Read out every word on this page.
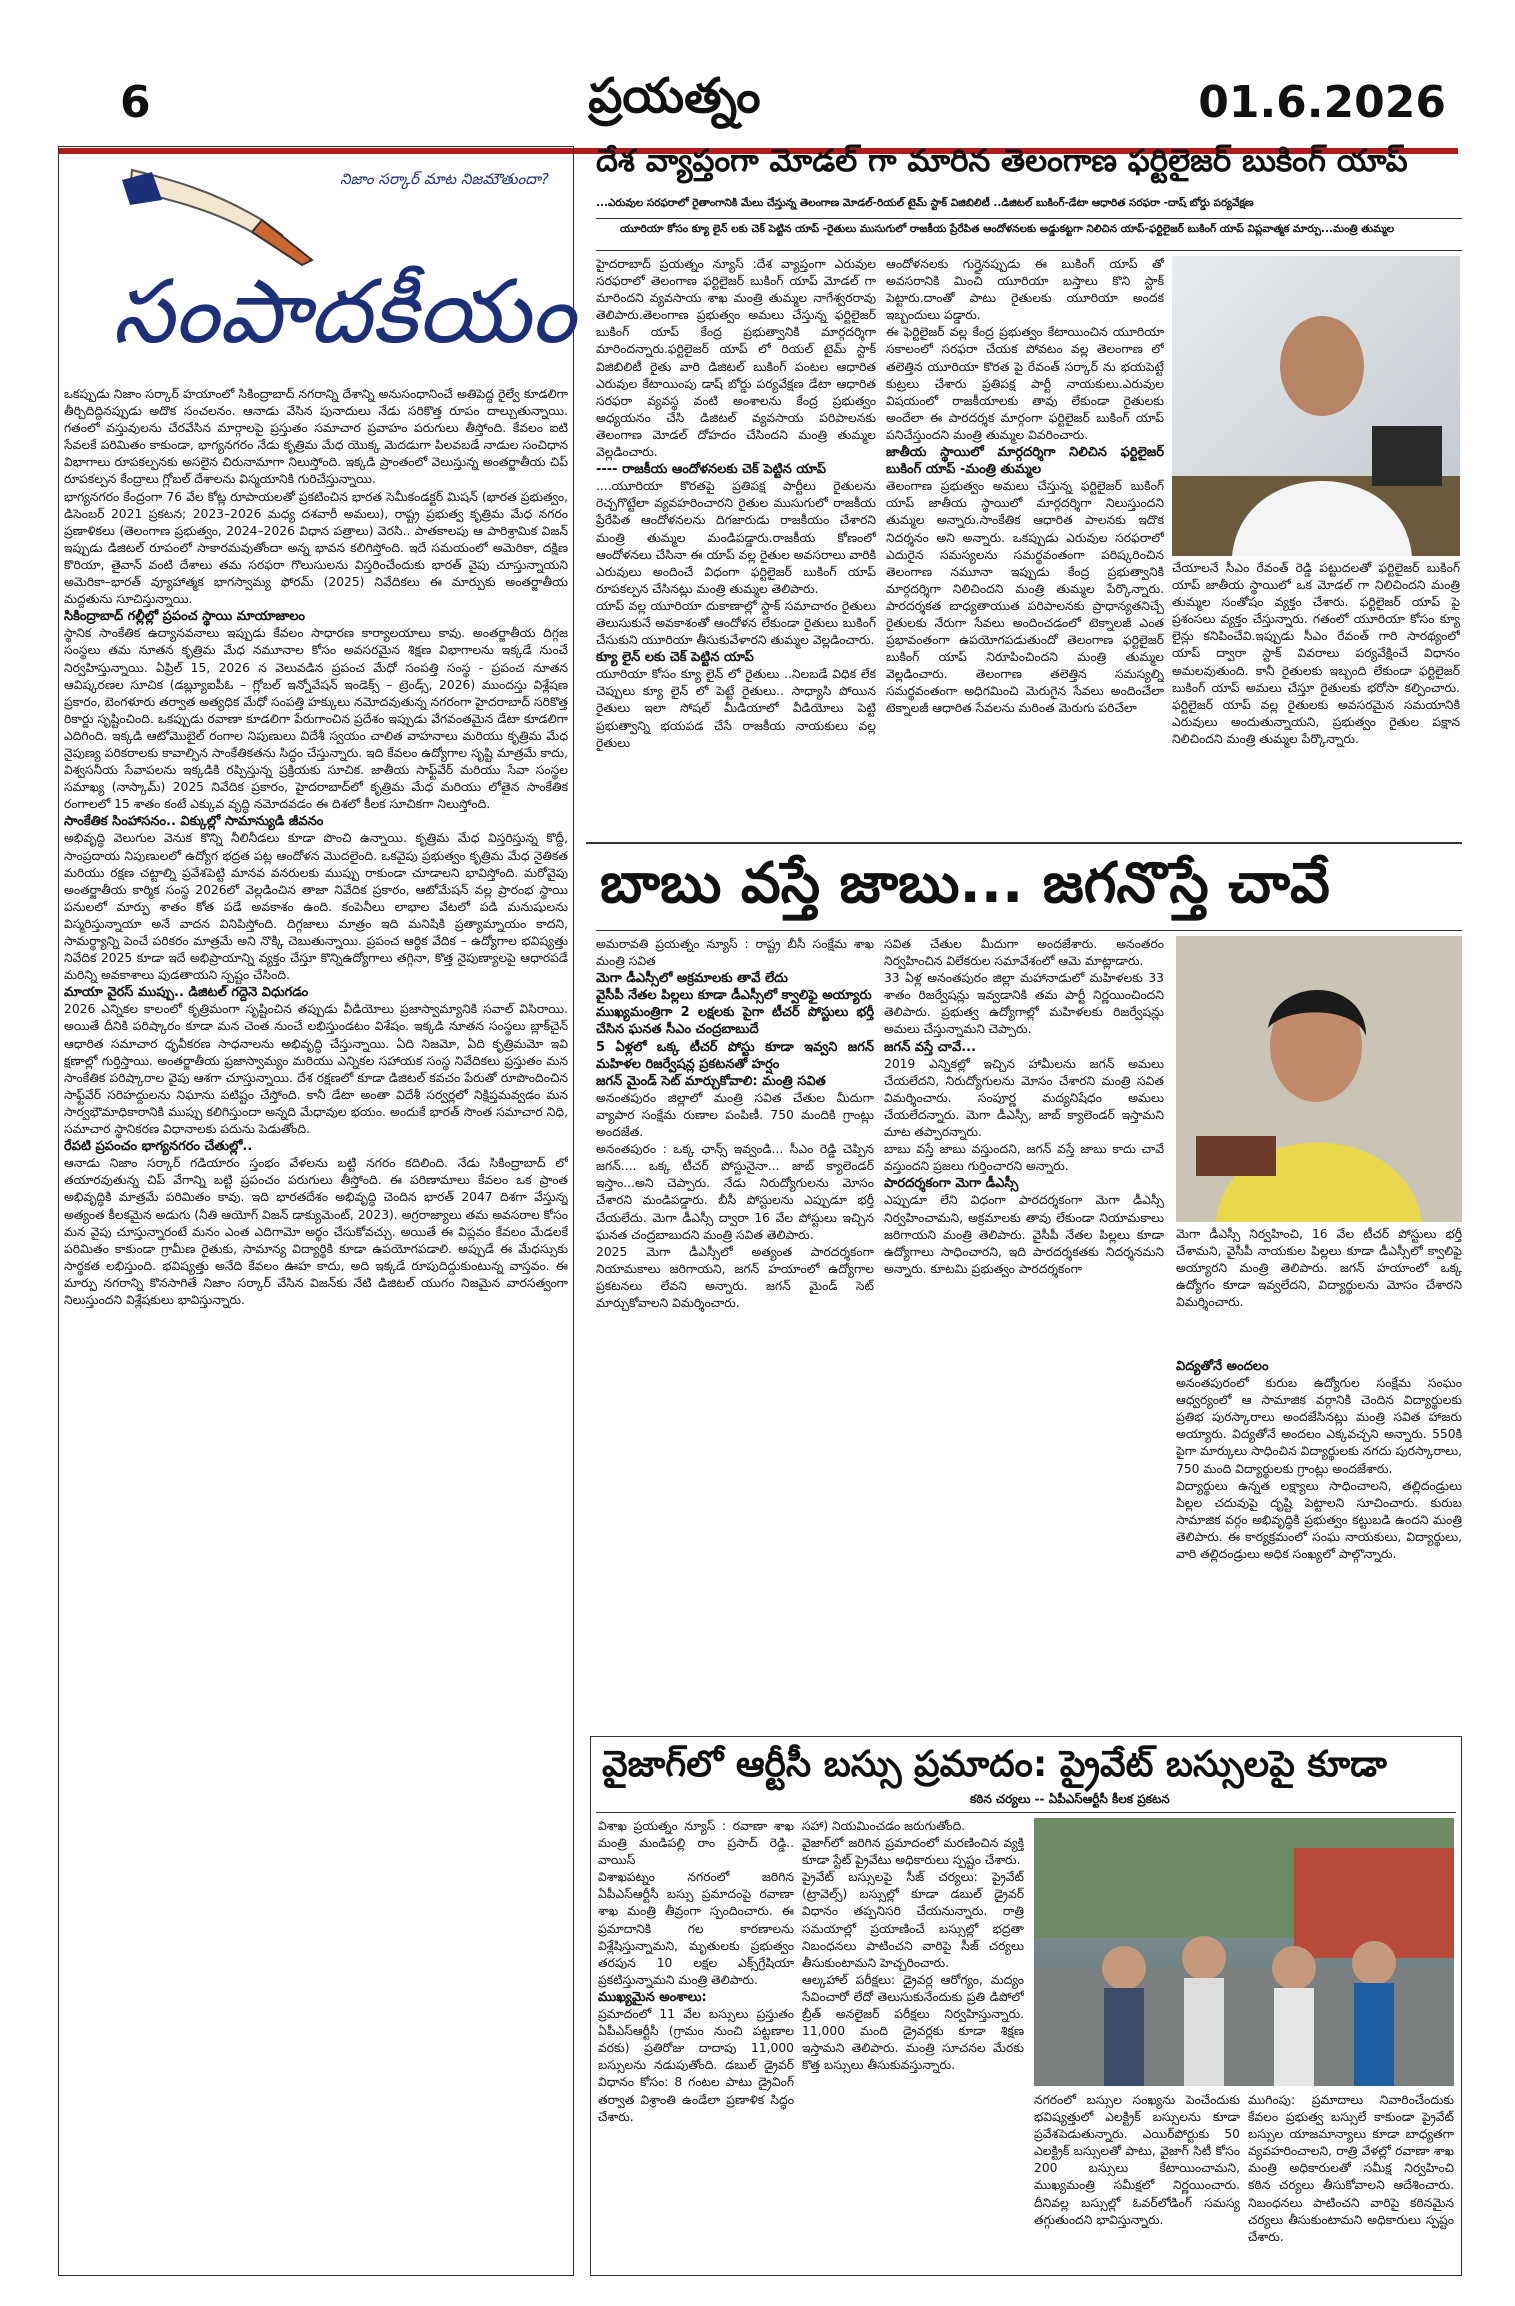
6	ప్రయత్నం	01.6.2026
నిజాం సర్కార్ మాట నిజమౌతుందా?
సంపాదకీయం
ఒకప్పుడు నిజాం సర్కార్ హయాంలో సికింద్రాబాద్ నగరాన్ని దేశాన్ని అనుసంధానించే అతిపెద్ద రైల్వే కూడలిగా తీర్చిదిద్దినప్పుడు అదొక సంచలనం. ఆనాడు వేసిన పునాదులు నేడు సరికొత్త రూపం దాల్చుతున్నాయి. గతంలో వస్తువులను చేరవేసిన మార్గాలపై ప్రస్తుతం సమాచార ప్రవాహం పరుగులు తీస్తోంది. కేవలం ఐటి సేవలకే పరిమితం కాకుండా, భాగ్యనగరం నేడు కృత్రిమ మేధ యొక్క మెదడుగా పిలవబడే నాడుల సంచిధాన విభాగాలు రూపకల్పనకు అసలైన చిరునామాగా నిలుస్తోంది. ఇక్కడి ప్రాంతంలో వెలుస్తున్న అంతర్జాతీయ చిప్ రూపకల్పన కేంద్రాలు గ్లోబల్ దేశాలను విస్మయానికి గురిచేస్తున్నాయి.
భాగ్యనగరం కేంద్రంగా 76 వేల కోట్ల రూపాయలతో ప్రకటించిన భారత సెమీకండక్టర్ మిషన్ (భారత ప్రభుత్వం, డిసెంబర్ 2021 ప్రకటన; 2023–2026 మధ్య దశవారీ అమలు), రాష్ట్ర ప్రభుత్వ కృత్రిమ మేధ నగరం ప్రణాళికలు (తెలంగాణ ప్రభుత్వం, 2024–2026 విధాన పత్రాలు) వెరసి.. పాతకాలపు ఆ పారిశ్రామిక విజన్ ఇప్పుడు డిజిటల్ రూపంలో సాకారమవుతోందా అన్న భావన కలిగిస్తోంది. ఇదే సమయంలో అమెరికా, దక్షిణ కొరియా, తైవాన్ వంటి దేశాలు తమ సరఫరా గొలుసులను విస్తరించేందుకు భారత్ వైపు చూస్తున్నాయని అమెరికా–భారత్ వ్యూహాత్మక భాగస్వామ్య ఫోరమ్ (2025) నివేదికలు ఈ మార్పుకు అంతర్జాతీయ మద్దతును సూచిస్తున్నాయి.
సికింద్రాబాద్ గల్లీల్లో ప్రపంచ స్థాయి మాయాజాలం
స్థానిక సాంకేతిక ఉద్యానవనాలు ఇప్పుడు కేవలం సాధారణ కార్యాలయాలు కావు. అంతర్జాతీయ దిగ్గజ సంస్థలు తమ నూతన కృత్రిమ మేధ నమూనాల కోసం అవసరమైన శిక్షణ విభాగాలను ఇక్కడే నుంచే నిర్వహిస్తున్నాయి. ఏప్రిల్ 15, 2026 న వెలువడిన ప్రపంచ మేధో సంపత్తి సంస్థ - ప్రపంచ నూతన ఆవిష్కరణల సూచిక (డబ్ల్యూఐపీఓ – గ్లోబల్ ఇన్నోవేషన్ ఇండెక్స్ – ట్రెండ్స్, 2026) ముందస్తు విశ్లేషణ ప్రకారం, బెంగళూరు తర్వాత అత్యధిక మేధో సంపత్తి హక్కులు నమోదవుతున్న నగరంగా హైదరాబాద్ సరికొత్త రికార్డు సృష్టించింది. ఒకప్పుడు రవాణా కూడలిగా పేరుగాంచిన ప్రదేశం ఇప్పుడు వేగవంతమైన డేటా కూడలిగా ఎదిగింది. ఇక్కడి ఆటోమొబైల్ రంగాల నిపుణులు విదేశీ స్వయం చాలిత వాహనాలు మరియు కృత్రిమ మేధ నైపుణ్య పరికరాలకు కావాల్సిన సాంకేతికతను సిద్ధం చేస్తున్నారు. ఇది కేవలం ఉద్యోగాల సృష్టి మాత్రమే కాదు, విశ్వసనీయ సేవాపలను ఇక్కడికి రప్పిస్తున్న ప్రక్రియకు సూచిక. జాతీయ సాఫ్ట్‌వేర్ మరియు సేవా సంస్థల సమాఖ్య (నాస్కామ్) 2025 నివేదిక ప్రకారం, హైదరాబాద్‌లో కృత్రిమ మేధ మరియు లోతైన సాంకేతిక రంగాలలో 15 శాతం కంటే ఎక్కువ వృద్ధి నమోదవడం ఈ దిశలో కీలక సూచికగా నిలుస్తోంది.
సాంకేతిక సింహాసనం.. విక్కుల్లో సామాన్యుడి జీవనం
అభివృద్ధి వెలుగుల వెనుక కొన్ని నీలినీడలు కూడా పొంచి ఉన్నాయి. కృత్రిమ మేధ విస్తరిస్తున్న కొద్దీ, సాంప్రదాయ నిపుణులలో ఉద్యోగ భద్రత పట్ల ఆందోళన మొదలైంది. ఒకవైపు ప్రభుత్వం కృత్రిమ మేధ నైతికత మరియు రక్షణ చట్టాల్ని ప్రవేశపెట్టి మానవ వనరులకు ముప్పు రాకుండా చూడాలని భావిస్తోంది. మరోవైపు అంతర్జాతీయ కార్మిక సంస్థ 2026లో వెల్లడించిన తాజా నివేదిక ప్రకారం, ఆటోమేషన్ వల్ల ప్రారంభ స్థాయి పనులలో మార్పు శాతం కోత పడే అవకాశం ఉంది. కంపెనీలు లాభాల వేటలో పడి మనుషులను విస్మరిస్తున్నాయా అనే వాదన వినిపిస్తోంది. దిగ్గజాలు మాత్రం ఇది మనిషికి ప్రత్యామ్నాయం కాదని, సామర్థ్యాన్ని పెంచే పరికరం మాత్రమే అని నొక్కి చెబుతున్నాయి. ప్రపంచ ఆర్థిక వేదిక – ఉద్యోగాల భవిష్యత్తు నివేదిక 2025 కూడా ఇదే అభిప్రాయాన్ని వ్యక్తం చేస్తూ కొన్నిఉద్యోగాలు తగ్గినా, కొత్త నైపుణ్యాలపై ఆధారపడే మరిన్ని అవకాశాలు పుడతాయని స్పష్టం చేసింది.
మాయా వైరస్ ముప్పు.. డిజిటల్ గద్దెనె విధుగడం
2026 ఎన్నికల కాలంలో కృత్రిమంగా సృష్టించిన తప్పుడు వీడియోలు ప్రజాస్వామ్యానికి సవాల్ విసిరాయి. అయితే దీనికి పరిష్కారం కూడా మన చెంత నుంచే లభిస్తుండటం విశేషం. ఇక్కడి నూతన సంస్థలు బ్లాక్‌చైన్ ఆధారిత సమాచార ధృవీకరణ సాధనాలను అభివృద్ధి చేస్తున్నాయి. ఏది నిజమో, ఏది కృత్రిమమో ఇవి క్షణాల్లో గుర్తిస్తాయి. అంతర్జాతీయ ప్రజాస్వామ్యం మరియు ఎన్నికల సహాయక సంస్థ నివేదికలు ప్రస్తుతం మన సాంకేతిక పరిష్కారాల వైపు ఆశగా చూస్తున్నాయి. దేశ రక్షణలో కూడా డిజిటల్ కవచం పేరుతో రూపొందించిన సాఫ్ట్‌వేర్ సరిహద్దులను నిఘాను పటిష్టం చేస్తోంది. కానీ డేటా అంతా విదేశీ సర్వర్లలో నిక్షిప్తమవ్వడం మన సార్వభౌమాధికారానికి ముప్పు కలిగిస్తుందా అన్నది మేధావుల భయం. అందుకే భారత్ సొంత సమాచార నిధి, సమాచార స్థానికరణ విధానాలకు పదును పెడుతోంది.
రేపటి ప్రపంచం భాగ్యనగరం చేతుల్లో..
ఆనాడు నిజాం సర్కార్ గడియారం స్తంభం వేళలను బట్టి నగరం కదిలింది. నేడు సికింద్రాబాద్ లో తయారవుతున్న చిప్ వేగాన్ని బట్టి ప్రపంచం పరుగులు తీస్తోంది. ఈ పరిణామాలు కేవలం ఒక ప్రాంత అభివృద్ధికి మాత్రమే పరిమితం కావు. ఇది భారతదేశం అభివృద్ధి చెందిన భారత్ 2047 దిశగా వేస్తున్న అత్యంత కీలకమైన అడుగు (నీతి ఆయోగ్ విజన్ డాక్యుమెంట్, 2023). అగ్రరాజ్యాలు తమ అవసరాల కోసం మన వైపు చూస్తున్నారంటే మనం ఎంత ఎదిగామో అర్థం చేసుకోవచ్చు. అయితే ఈ విప్లవం కేవలం మేడలకే పరిమితం కాకుండా గ్రామీణ రైతుకు, సామాన్య విద్యార్థికి కూడా ఉపయోగపడాలి. అప్పుడే ఈ మేధస్సుకు సార్థకత లభిస్తుంది. భవిష్యత్తు అనేది కేవలం ఊహ కాదు, అది ఇక్కడే రూపుదిద్దుకుంటున్న వాస్తవం. ఈ మార్పు నగరాన్ని కొనసాగితే నిజాం సర్కార్ వేసిన విజన్‌కు నేటి డిజిటల్ యుగం నిజమైన వారసత్వంగా నిలుస్తుందని విశ్లేషకులు భావిస్తున్నారు.
దేశ వ్యాప్తంగా మోడల్ గా మారిన తెలంగాణ ఫర్టిలైజర్ బుకింగ్ యాప్
...ఎరువుల సరఫరాలో రైతాంగానికి మేలు చేస్తున్న తెలంగాణ మోడల్-రియల్ టైమ్ స్టాక్ విజిబిలిటీ ..డిజిటల్ బుకింగ్-డేటా ఆధారిత సరఫరా -దాష్ బోర్డు పర్యవేక్షణ
యూరియా కోసం క్యూ లైన్ లకు చెక్ పెట్టిన యాప్ -రైతులు ముసుగులో రాజకీయ ప్రేరేపిత ఆందోళనలకు అడ్డుకట్టగా నిలిచిన యాప్-ఫర్టిలైజర్ బుకింగ్ యాప్ విప్లవాత్మక మార్పు...మంత్రి తుమ్మల
హైదరాబాద్ ప్రయత్నం న్యూస్ :దేశ వ్యాప్తంగా ఎరువుల సరఫరాలో తెలంగాణ ఫర్టిలైజర్ బుకింగ్ యాప్ మోడల్ గా మారిందని వ్యవసాయ శాఖ మంత్రి తుమ్మల నాగేశ్వరరావు తెలిపారు.తెలంగాణ ప్రభుత్వం అమలు చేస్తున్న ఫర్టిలైజర్ బుకింగ్ యాప్ కేంద్ర ప్రభుత్వానికి మార్గదర్శిగా మారిందన్నారు.ఫర్టిలైజర్ యాప్ లో రియల్ టైమ్ స్టాక్ విజిబిలిటీ రైతు వారి డిజిటల్ బుకింగ్ పంటల ఆధారిత ఎరువుల కేటాయింపు డాష్ బోర్డు పర్యవేక్షణ డేటా ఆధారిత సరఫరా వ్యవస్థ వంటి అంశాలను కేంద్ర ప్రభుత్వం అధ్యయనం చేసి డిజిటల్ వ్యవసాయ పరిపాలనకు తెలంగాణ మోడల్ దోహదం చేసిందని మంత్రి తుమ్మల వెల్లడించారు.
---- రాజకీయ ఆందోళనలకు చెక్ పెట్టిన యాప్
....యూరియా కొరతపై ప్రతిపక్ష పార్టీలు రైతులను రెచ్చగొట్టేలా వ్యవహరించారని రైతుల ముసుగులో రాజకీయ ప్రేరేపిత ఆందోళనలను దిగజారుడు రాజకీయం చేశారని మంత్రి తుమ్మల మండిపడ్డారు.రాజకీయ కోణంలో ఆందోళనలు చేసినా ఈ యాప్ వల్ల రైతుల అవసరాలు వారికి ఎరువులు అందించే విధంగా ఫర్టిలైజర్ బుకింగ్ యాప్ రూపకల్పన చేసినట్లు మంత్రి తుమ్మల తెలిపారు.
యాప్ వల్ల యూరియా దుకాణాల్లో స్టాక్ సమాచారం రైతులు తెలుసుకునే అవకాశంతో ఆందోళన లేకుండా రైతులు బుకింగ్ చేసుకుని యూరియా తీసుకువేళారని తుమ్మల వెల్లడించారు.
క్యూ లైన్ లకు చెక్ పెట్టిన యాప్
యూరియా కోసం క్యూ లైన్ లో రైతులు ..నిలబడే విధిక లేక చెప్పులు క్యూ లైన్ లో పెట్టే రైతులు.. సాధ్యాసి పోయిన రైతులు ఇలా సోషల్ మీడియాలో వీడియోలు పెట్టి ప్రభుత్వాన్ని భయపడ చేసే రాజకీయ నాయకులు వల్ల రైతులు
ఆందోళనలకు గుర్తైనప్పుడు ఈ బుకింగ్ యాప్ తో అవసరానికి మించి యూరియా బస్తాలు కొని స్టాక్ పెట్టారు.దాంతో పాటు రైతులకు యూరియా అందక ఇబ్బందులు పడ్డారు.
ఈ ఫెర్టిలైజర్ వల్ల కేంద్ర ప్రభుత్వం కేటాయించిన యూరియా సకాలంలో సరఫరా చేయక పోవటం వల్ల తెలంగాణ లో తలెత్తిన యూరియా కొరత పై రేవంత్ సర్కార్ ను భయపెట్టే కుట్రలు చేశారు ప్రతిపక్ష పార్టీ నాయకులు.ఎరువుల విషయంలో రాజకీయాలకు తావు లేకుండా రైతులకు అందేలా ఈ పారదర్శక మార్గంగా ఫర్టిలైజర్ బుకింగ్ యాప్ పనిచేస్తుందని మంత్రి తుమ్మల వివరించారు.
జాతీయ స్థాయిలో మార్గదర్శిగా నిలిచిన ఫర్టిలైజర్ బుకింగ్ యాప్ -మంత్రి తుమ్మల
తెలంగాణ ప్రభుత్వం అమలు చేస్తున్న ఫర్టిలైజర్ బుకింగ్ యాప్ జాతీయ స్థాయిలో మార్గదర్శిగా నిలుస్తుందని తుమ్మల అన్నారు.సాంకేతిక ఆధారిత పాలనకు ఇదొక నిదర్శనం అని అన్నారు. ఒకప్పుడు ఎరువుల సరఫరాలో ఎదురైన సమస్యలను సమర్థవంతంగా పరిష్కరించిన తెలంగాణ నమూనా ఇప్పుడు కేంద్ర ప్రభుత్వానికి మార్గదర్శిగా నిలిచిందని మంత్రి తుమ్మల పేర్కొన్నారు. పారదర్శకత బాధ్యతాయుత పరిపాలనకు ప్రాధాన్యతనిచ్చే రైతులకు నేరుగా సేవలు అందించడంలో టెక్నాలజీ ఎంత ప్రభావంతంగా ఉపయోగపడుతుందో తెలంగాణ ఫర్టిలైజర్ బుకింగ్ యాప్ నిరూపించిందని మంత్రి తుమ్మల వెల్లడించారు. తెలంగాణ తలెత్తిన సమస్యల్ని సమర్థవంతంగా అధిగమించి మెరుగైన సేవలు అందించేలా టెక్నాలజీ ఆధారిత సేవలను మరింత మెరుగు పరిచేలా
చేయాలనే సీఎం రేవంత్ రెడ్డి పట్టుదలతో ఫర్టిలైజర్ బుకింగ్ యాప్ జాతీయ స్థాయిలో ఒక మోడల్ గా నిలిచిందని మంత్రి తుమ్మల సంతోషం వ్యక్తం చేశారు. ఫర్టిలైజర్ యాప్ పై ప్రశంసలు వ్యక్తం చేస్తున్నారు. గతంలో యూరియా కోసం క్యూ లైన్లు కనిపించేవి.ఇప్పుడు సీఎం రేవంత్ గారి సారథ్యంలో యాప్ ద్వారా స్టాక్ వివరాలు పర్యవేక్షించే విధానం అమలవుతుంది. కానీ రైతులకు ఇబ్బంది లేకుండా ఫర్టిలైజర్ బుకింగ్ యాప్ అమలు చేస్తూ రైతులకు భరోసా కల్పించారు. ఫర్టిలైజర్ యాప్ వల్ల రైతులకు అవసరమైన సమయానికి ఎరువులు అందుతున్నాయని, ప్రభుత్వం రైతుల పక్షాన నిలిచిందని మంత్రి తుమ్మల పేర్కొన్నారు.
బాబు వస్తే జాబు... జగనొస్తే చావే
అమరావతి ప్రయత్నం న్యూస్ : రాష్ట్ర బీసీ సంక్షేమ శాఖ మంత్రి సవిత
మెగా డీఎస్సీలో అక్రమాలకు తావే లేదు
వైసీపీ నేతల పిల్లలు కూడా డీఎస్సీలో క్వాలిఫై అయ్యారు
ముఖ్యమంత్రిగా 2 లక్షలకు పైగా టీచర్ పోస్టులు భర్తీ చేసిన ఘనత సీఎం చంద్రబాబుదే
5 ఏళ్లలో ఒక్క టీచర్ పోస్టు కూడా ఇవ్వని జగన్ మహిళల రిజర్వేషన్ల ప్రకటనతో హర్షం
జగన్ మైండ్ సెట్ మార్చుకోవాలి: మంత్రి సవిత
అనంతపురం జిల్లాలో మంత్రి సవిత చేతుల మీదుగా వ్యాపార సంక్షేమ రుణాల పంపిణీ. 750 మందికి గ్రాంట్లు అందజేత.
అనంతపురం : ఒక్క ఛాన్స్ ఇవ్వండి... సీఎం రెడ్డి చెప్పిన జగన్.... ఒక్క టీచర్ పోస్టునైనా... జాబ్ క్యాలెండర్ ఇస్తాం...అని చెప్పారు. నేడు నిరుద్యోగులను మోసం చేశారని మండిపడ్డారు. బీసీ పోస్టులను ఎప్పుడూ భర్తీ చేయలేదు. మెగా డీఎస్సీ ద్వారా 16 వేల పోస్టులు ఇచ్చిన ఘనత చంద్రబాబుదని మంత్రి సవిత తెలిపారు.
2025 మెగా డీఎస్సీలో అత్యంత పారదర్శకంగా నియామకాలు జరిగాయని, జగన్ హయాంలో ఉద్యోగాల ప్రకటనలు లేవని అన్నారు. జగన్ మైండ్ సెట్ మార్చుకోవాలని విమర్శించారు.
సవిత చేతుల మీదుగా అందజేశారు. అనంతరం నిర్వహించిన విలేకరుల సమావేశంలో ఆమె మాట్లాడారు.
33 ఏళ్ల అనంతపురం జిల్లా మహానాడులో మహిళలకు 33 శాతం రిజర్వేషన్లు ఇవ్వడానికి తమ పార్టీ నిర్ణయించిందని తెలిపారు. ప్రభుత్వ ఉద్యోగాల్లో మహిళలకు రిజర్వేషన్లు అమలు చేస్తున్నామని చెప్పారు.
జగన్ వస్తే చావే...
2019 ఎన్నికల్లో ఇచ్చిన హామీలను జగన్ అమలు చేయలేదని, నిరుద్యోగులను మోసం చేశారని మంత్రి సవిత విమర్శించారు. సంపూర్ణ మద్యనిషేధం అమలు చేయలేదన్నారు. మెగా డీఎస్సీ, జాబ్ క్యాలెండర్ ఇస్తామని మాట తప్పారన్నారు.
బాబు వస్తే జాబు వస్తుందని, జగన్ వస్తే జాబు కాదు చావే వస్తుందని ప్రజలు గుర్తించారని అన్నారు.
పారదర్శకంగా మెగా డీఎస్సీ
ఎప్పుడూ లేని విధంగా పారదర్శకంగా మెగా డీఎస్సీ నిర్వహించామని, అక్రమాలకు తావు లేకుండా నియామకాలు జరిగాయని మంత్రి తెలిపారు. వైసీపీ నేతల పిల్లలు కూడా ఉద్యోగాలు సాధించారని, ఇది పారదర్శకతకు నిదర్శనమని అన్నారు. కూటమి ప్రభుత్వం పారదర్శకంగా
మెగా డీఎస్సీ నిర్వహించి, 16 వేల టీచర్ పోస్టులు భర్తీ చేశామని, వైసీపీ నాయకుల పిల్లలు కూడా డీఎస్సీలో క్వాలిఫై అయ్యారని మంత్రి తెలిపారు. జగన్ హయాంలో ఒక్క ఉద్యోగం కూడా ఇవ్వలేదని, విద్యార్థులను మోసం చేశారని విమర్శించారు.
విద్యతోనే అందలం
అనంతపురంలో కురుబ ఉద్యోగుల సంక్షేమ సంఘం ఆధ్వర్యంలో ఆ సామాజిక వర్గానికి చెందిన విద్యార్థులకు ప్రతిభ పురస్కారాలు అందజేసినట్లు మంత్రి సవిత హాజరు అయ్యారు. విద్యతోనే అందలం ఎక్కవచ్చని అన్నారు. 550కి పైగా మార్కులు సాధించిన విద్యార్థులకు నగదు పురస్కారాలు, 750 మంది విద్యార్థులకు గ్రాంట్లు అందజేశారు.
విద్యార్థులు ఉన్నత లక్ష్యాలు సాధించాలని, తల్లిదండ్రులు పిల్లల చదువుపై దృష్టి పెట్టాలని సూచించారు. కురుబ సామాజిక వర్గం అభివృద్ధికి ప్రభుత్వం కట్టుబడి ఉందని మంత్రి తెలిపారు. ఈ కార్యక్రమంలో సంఘ నాయకులు, విద్యార్థులు, వారి తల్లిదండ్రులు అధిక సంఖ్యలో పాల్గొన్నారు.
వైజాగ్‌లో ఆర్టీసీ బస్సు ప్రమాదం: ప్రైవేట్ బస్సులపై కూడా
కఠిన చర్యలు -- ఏపీఎస్ఆర్టీసీ కీలక ప్రకటన
విశాఖ ప్రయత్నం న్యూస్ : రవాణా శాఖ మంత్రి మండిపల్లి రాం ప్రసాద్ రెడ్డి.. వాయిస్
విశాఖపట్నం నగరంలో జరిగిన ఏపీఎస్ఆర్టీసీ బస్సు ప్రమాదంపై రవాణా శాఖ మంత్రి తీవ్రంగా స్పందించారు. ఈ ప్రమాదానికి గల కారణాలను విశ్లేషిస్తున్నామని, మృతులకు ప్రభుత్వం తరపున 10 లక్షల ఎక్స్‌గ్రేషియా ప్రకటిస్తున్నామని మంత్రి తెలిపారు.
ముఖ్యమైన అంశాలు:
ప్రమాదంలో 11 వేల బస్సులు ప్రస్తుతం ఏపీఎస్ఆర్టీసీ (గ్రామం నుంచి పట్టణాల వరకు) ప్రతిరోజు దాదాపు 11,000 బస్సులను నడుపుతోంది. డబుల్ డ్రైవర్ విధానం కోసం: 8 గంటల పాటు డ్రైవింగ్ తర్వాత విశ్రాంతి ఉండేలా ప్రణాళిక సిద్ధం చేశారు.
సహా) నియమించడం జరుగుతోంది.
వైజాగ్‌లో జరిగిన ప్రమాదంలో మరణించిన వ్యక్తి కూడా స్టేట్ ప్రైవేటు అధికారులు స్పష్టం చేశారు.
ప్రైవేట్ బస్సులపై సీజ్ చర్యలు: ప్రైవేట్ (ట్రావెల్స్) బస్సుల్లో కూడా డబుల్ డ్రైవర్ విధానం తప్పనిసరి చేయనున్నారు. రాత్రి సమయాల్లో ప్రయాణించే బస్సుల్లో భద్రతా నిబంధనలు పాటించని వారిపై సీజ్ చర్యలు తీసుకుంటామని హెచ్చరించారు.
ఆల్కహాల్ పరీక్షలు: డ్రైవర్ల ఆరోగ్యం, మద్యం సేవించారో లేదో తెలుసుకునేందుకు ప్రతి డిపోలో బ్రీత్ అనలైజర్ పరీక్షలు నిర్వహిస్తున్నారు. 11,000 మంది డ్రైవర్లకు కూడా శిక్షణ ఇస్తామని తెలిపారు. మంత్రి సూచనల మేరకు కొత్త బస్సులు తీసుకువస్తున్నారు.
నగరంలో బస్సుల సంఖ్యను పెంచేందుకు భవిష్యత్తులో ఎలక్ట్రిక్ బస్సులను కూడా ప్రవేశపెడుతున్నారు. ఎయిర్‌పోర్టుకు 50 ఎలక్ట్రిక్ బస్సులతో పాటు, వైజాగ్ సిటీ కోసం 200 బస్సులు కేటాయించామని, ముఖ్యమంత్రి సమీక్షలో నిర్ణయించారు. దీనివల్ల బస్సుల్లో ఓవర్‌లోడింగ్ సమస్య తగ్గుతుందని భావిస్తున్నారు.
ముగింపు: ప్రమాదాలు నివారించేందుకు కేవలం ప్రభుత్వ బస్సులే కాకుండా ప్రైవేట్ బస్సుల యాజమాన్యాలు కూడా బాధ్యతగా వ్యవహరించాలని, రాత్రి వేళల్లో రవాణా శాఖ మంత్రి అధికారులతో సమీక్ష నిర్వహించి కఠిన చర్యలు తీసుకోవాలని ఆదేశించారు. నిబంధనలు పాటించని వారిపై కఠినమైన చర్యలు తీసుకుంటామని అధికారులు స్పష్టం చేశారు.
